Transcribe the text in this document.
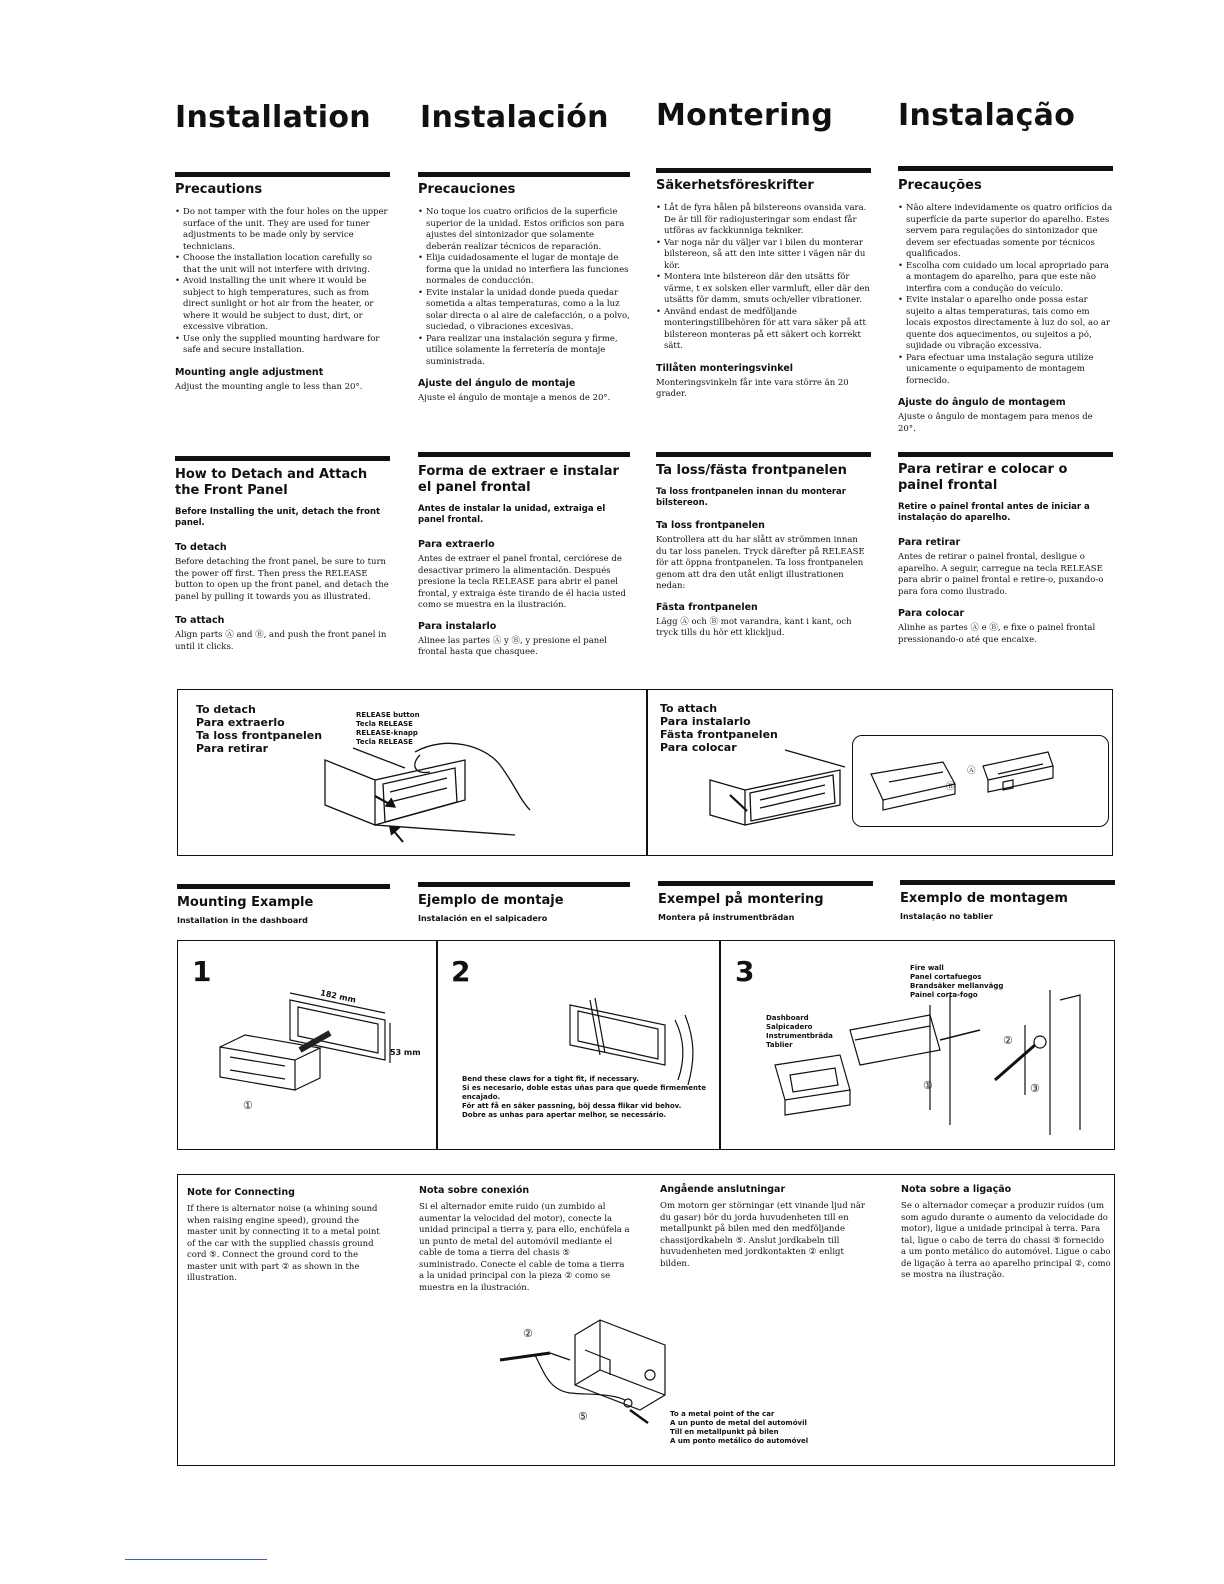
Installation Instalación Montering Instalação
Precautions
• Do not tamper with the four holes on the upper surface of the unit. They are used for tuner adjustments to be made only by service technicians.
• Choose the installation location carefully so that the unit will not interfere with driving.
• Avoid installing the unit where it would be subject to high temperatures, such as from direct sunlight or hot air from the heater, or where it would be subject to dust, dirt, or excessive vibration.
• Use only the supplied mounting hardware for safe and secure installation.
Mounting angle adjustment
Adjust the mounting angle to less than 20°.
Precauciones
• No toque los cuatro orificios de la superficie superior de la unidad. Estos orificios son para ajustes del sintonizador que solamente deberán realizar técnicos de reparación.
• Elija cuidadosamente el lugar de montaje de forma que la unidad no interfiera las funciones normales de conducción.
• Evite instalar la unidad donde pueda quedar sometida a altas temperaturas, como a la luz solar directa o al aire de calefacción, o a polvo, suciedad, o vibraciones excesivas.
• Para realizar una instalación segura y firme, utilice solamente la ferretería de montaje suministrada.
Ajuste del ángulo de montaje
Ajuste el ángulo de montaje a menos de 20°.
Säkerhetsföreskrifter
• Låt de fyra hålen på bilstereons ovansida vara. De är till för radiojusteringar som endast får utföras av fackkunniga tekniker.
• Var noga när du väljer var i bilen du monterar bilstereon, så att den inte sitter i vägen när du kör.
• Montera inte bilstereon där den utsätts för värme, t ex solsken eller varmluft, eller där den utsätts för damm, smuts och/eller vibrationer.
• Använd endast de medföljande monteringstillbehören för att vara säker på att bilstereon monteras på ett säkert och korrekt sätt.
Tillåten monteringsvinkel
Monteringsvinkeln får inte vara större än 20 grader.
Precauções
• Não altere indevidamente os quatro orifícios da superfície da parte superior do aparelho. Estes servem para regulações do sintonizador que devem ser efectuadas somente por técnicos qualificados.
• Escolha com cuidado um local apropriado para a montagem do aparelho, para que este não interfira com a condução do veículo.
• Evite instalar o aparelho onde possa estar sujeito a altas temperaturas, tais como em locais expostos directamente à luz do sol, ao ar quente dos aquecimentos, ou sujeitos a pó, sujidade ou vibração excessiva.
• Para efectuar uma instalação segura utilize unicamente o equipamento de montagem fornecido.
Ajuste do ângulo de montagem
Ajuste o ângulo de montagem para menos de 20°.
How to Detach and Attach the Front Panel
Before Installing the unit, detach the front panel.
To detach
Before detaching the front panel, be sure to turn the power off first. Then press the RELEASE button to open up the front panel, and detach the panel by pulling it towards you as illustrated.
To attach
Align parts Ⓐ and Ⓑ, and push the front panel in until it clicks.
Forma de extraer e instalar el panel frontal
Antes de instalar la unidad, extraiga el panel frontal.
Para extraerlo
Antes de extraer el panel frontal, cerciórese de desactivar primero la alimentación. Después presione la tecla RELEASE para abrir el panel frontal, y extraiga éste tirando de él hacia usted como se muestra en la ilustración.
Para instalarlo
Alinee las partes Ⓐ y Ⓑ, y presione el panel frontal hasta que chasquee.
Ta loss/fästa frontpanelen
Ta loss frontpanelen innan du monterar bilstereon.
Ta loss frontpanelen
Kontrollera att du har slått av strömmen innan du tar loss panelen. Tryck därefter på RELEASE för att öppna frontpanelen. Ta loss frontpanelen genom att dra den utåt enligt illustrationen nedan:
Fästa frontpanelen
Lägg Ⓐ och Ⓑ mot varandra, kant i kant, och tryck tills du hör ett klickljud.
Para retirar e colocar o painel frontal
Retire o painel frontal antes de iniciar a instalação do aparelho.
Para retirar
Antes de retirar o painel frontal, desligue o aparelho. A seguir, carregue na tecla RELEASE para abrir o painel frontal e retire-o, puxando-o para fora como ilustrado.
Para colocar
Alinhe as partes Ⓐ e Ⓑ, e fixe o painel frontal pressionando-o até que encaixe.
To detach
Para extraerlo
Ta loss frontpanelen
Para retirar
RELEASE button
Tecla RELEASE
RELEASE-knapp
Tecla RELEASE
To attach
Para instalarlo
Fästa frontpanelen
Para colocar
Ⓐ
Ⓑ
Mounting Example
Installation in the dashboard
Ejemplo de montaje
Instalación en el salpicadero
Exempel på montering
Montera på instrumentbrädan
Exemplo de montagem
Instalação no tablier
1
182 mm
53 mm
①
2
Bend these claws for a tight fit, if necessary.
Si es necesario, doble estas uñas para que quede firmemente encajado.
För att få en säker passning, böj dessa flikar vid behov.
Dobre as unhas para apertar melhor, se necessário.
3	Fire wall
Panel cortafuegos
Brandsäker mellanvägg
Painel corta-fogo
Dashboard
Salpicadero
Instrumentbräda
Tablier	②
①	③
Note for Connecting
If there is alternator noise (a whining sound when raising engine speed), ground the master unit by connecting it to a metal point of the car with the supplied chassis ground cord ⑤. Connect the ground cord to the master unit with part ② as shown in the illustration.
Nota sobre conexión
Si el alternador emite ruido (un zumbido al aumentar la velocidad del motor), conecte la unidad principal a tierra y, para ello, enchúfela a un punto de metal del automóvil mediante el cable de toma a tierra del chasis ⑤ suministrado. Conecte el cable de toma a tierra a la unidad principal con la pieza ② como se muestra en la ilustración.
Angående anslutningar
Om motorn ger störningar (ett vinande ljud när du gasar) bör du jorda huvudenheten till en metallpunkt på bilen med den medföljande chassijordkabeln ⑤. Anslut jordkabeln till huvudenheten med jordkontakten ② enligt bilden.
Nota sobre a ligação
Se o alternador começar a produzir ruídos (um som agudo durante o aumento da velocidade do motor), ligue a unidade principal à terra. Para tal, ligue o cabo de terra do chassi ⑤ fornecido a um ponto metálico do automóvel. Ligue o cabo de ligação à terra ao aparelho principal ②, como se mostra na ilustração.
②
⑤	To a metal point of the car
A un punto de metal del automóvil
Till en metallpunkt på bilen
A um ponto metálico do automóvel
